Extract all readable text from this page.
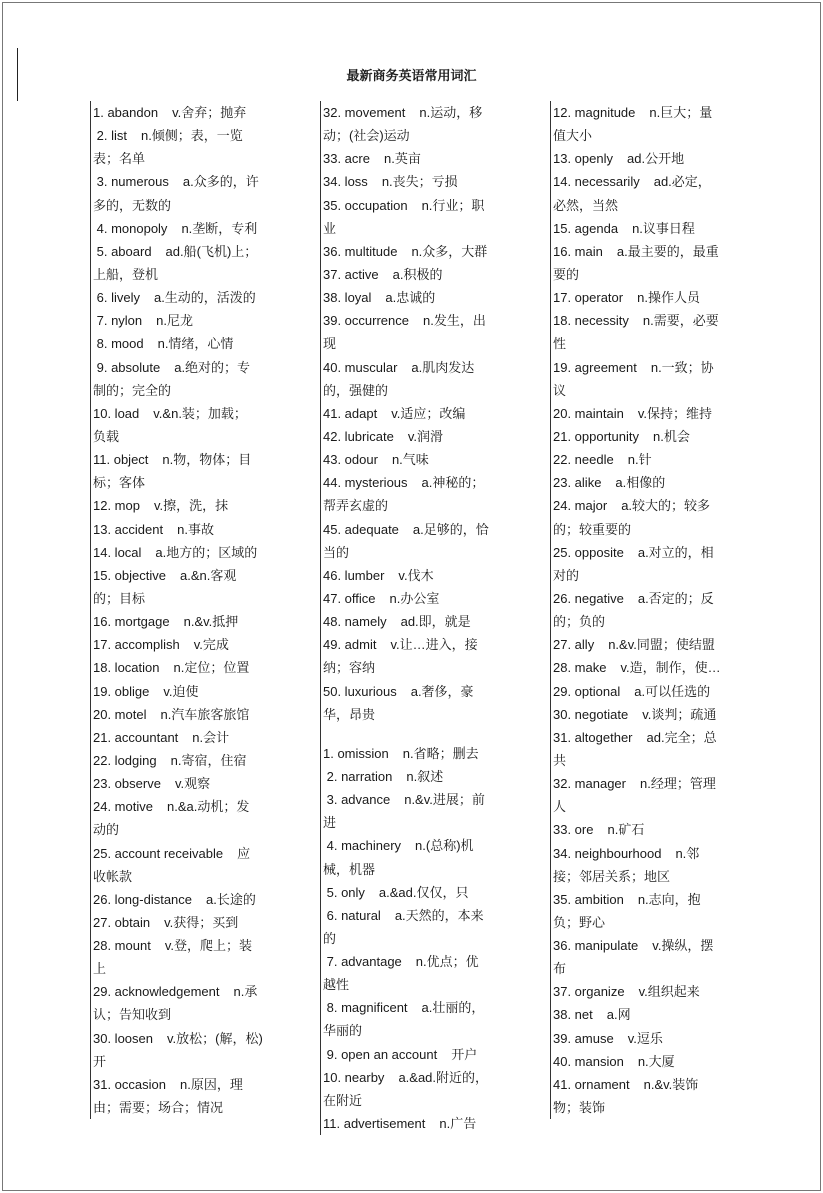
最新商务英语常用词汇
1. abandon v.舍弃；抛弃
2. list n.倾侧；表，一览
表；名单
3. numerous a.众多的，许
多的，无数的
4. monopoly n.垄断，专利
5. aboard ad.船(飞机)上；
上船，登机
6. lively a.生动的，活泼的
7. nylon n.尼龙
8. mood n.情绪，心情
9. absolute a.绝对的；专
制的；完全的
10. load v.&n.装；加载；
负载
11. object n.物，物体；目
标；客体
12. mop v.擦，洗，抹
13. accident n.事故
14. local a.地方的；区域的
15. objective a.&n.客观
的；目标
16. mortgage n.&v.抵押
17. accomplish v.完成
18. location n.定位；位置
19. oblige v.迫使
20. motel n.汽车旅客旅馆
21. accountant n.会计
22. lodging n.寄宿，住宿
23. observe v.观察
24. motive n.&a.动机；发
动的
25. account receivable 应
收帐款
26. long-distance a.长途的
27. obtain v.获得；买到
28. mount v.登，爬上；装
上
29. acknowledgement n.承
认；告知收到
30. loosen v.放松；(解，松)
开
31. occasion n.原因，理
由；需要；场合；情况
32. movement n.运动，移
动；(社会)运动
33. acre n.英亩
34. loss n.丧失；亏损
35. occupation n.行业；职
业
36. multitude n.众多，大群
37. active a.积极的
38. loyal a.忠诚的
39. occurrence n.发生，出
现
40. muscular a.肌肉发达
的，强健的
41. adapt v.适应；改编
42. lubricate v.润滑
43. odour n.气味
44. mysterious a.神秘的；
帮弄玄虚的
45. adequate a.足够的，恰
当的
46. lumber v.伐木
47. office n.办公室
48. namely ad.即，就是
49. admit v.让…进入，接
纳；容纳
50. luxurious a.奢侈，豪
华，昂贵
1. omission n.省略；删去
2. narration n.叙述
3. advance n.&v.进展；前
进
4. machinery n.(总称)机
械，机器
5. only a.&ad.仅仅，只
6. natural a.天然的，本来
的
7. advantage n.优点；优
越性
8. magnificent a.壮丽的，
华丽的
9. open an account 开户
10. nearby a.&ad.附近的，
在附近
11. advertisement n.广告
12. magnitude n.巨大；量
值大小
13. openly ad.公开地
14. necessarily ad.必定，
必然，当然
15. agenda n.议事日程
16. main a.最主要的，最重
要的
17. operator n.操作人员
18. necessity n.需要，必要
性
19. agreement n.一致；协
议
20. maintain v.保持；维持
21. opportunity n.机会
22. needle n.针
23. alike a.相像的
24. major a.较大的；较多
的；较重要的
25. opposite a.对立的，相
对的
26. negative a.否定的；反
的；负的
27. ally n.&v.同盟；使结盟
28. make v.造，制作，使…
29. optional a.可以任选的
30. negotiate v.谈判；疏通
31. altogether ad.完全；总
共
32. manager n.经理；管理
人
33. ore n.矿石
34. neighbourhood n.邻
接；邻居关系；地区
35. ambition n.志向，抱
负；野心
36. manipulate v.操纵，摆
布
37. organize v.组织起来
38. net a.网
39. amuse v.逗乐
40. mansion n.大厦
41. ornament n.&v.装饰
物；装饰
